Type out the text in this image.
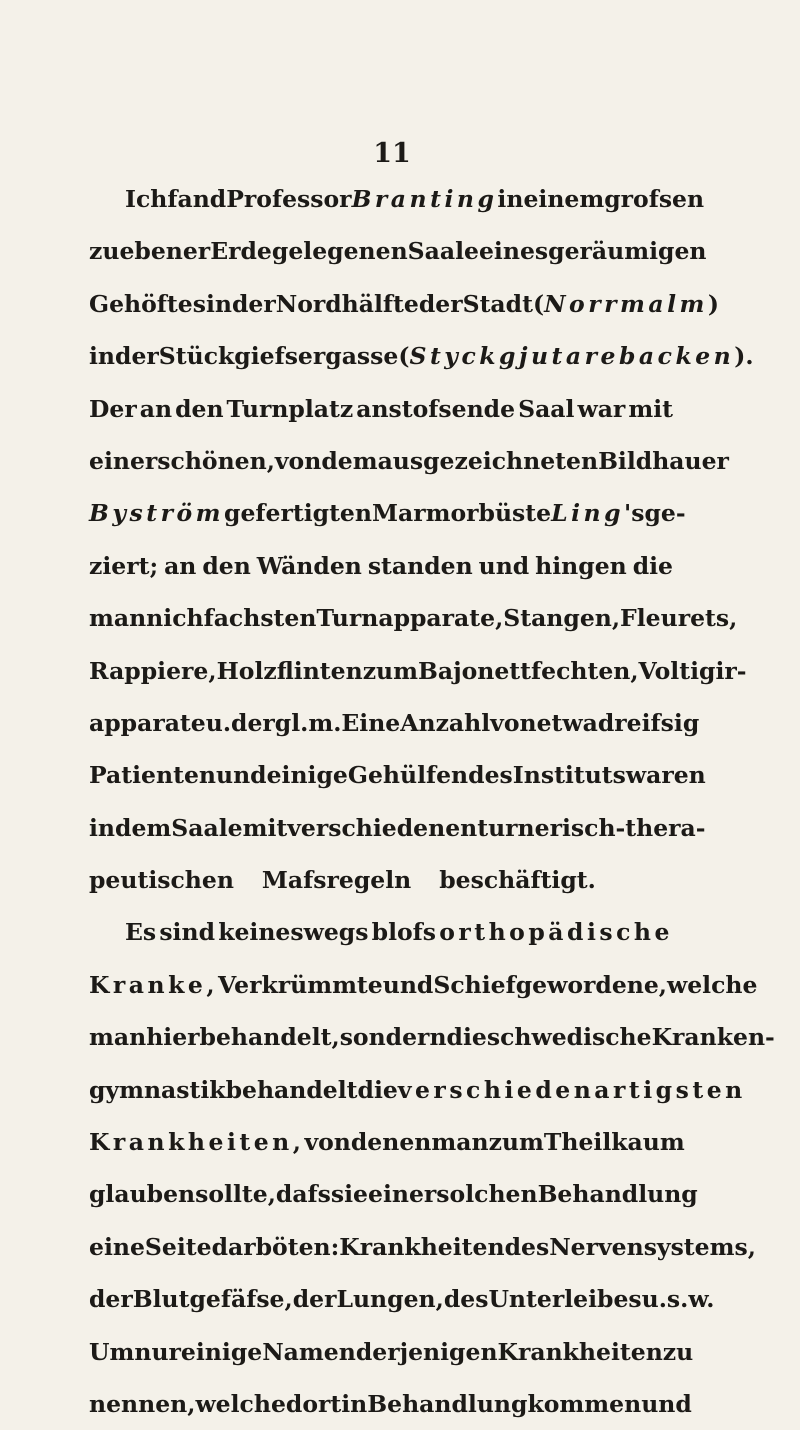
11
Ich fand Professor Branting in einem grofsen
zu ebener Erde gelegenen Saale eines geräumigen
Gehöftes in der Nordhälfte der Stadt (Norrmalm)
in der Stückgiefsergasse (Styckgjutarebacken).
Der an den Turnplatz anstofsende Saal war mit
einer schönen, von dem ausgezeichneten Bildhauer
Byström gefertigten Marmorbüste Ling's ge-
ziert; an den Wänden standen und hingen die
mannichfachsten Turnapparate, Stangen, Fleurets,
Rappiere, Holzflinten zum Bajonettfechten, Voltigir-
apparate u. dergl. m. Eine Anzahl von etwa dreifsig
Patienten und einige Gehülfen des Instituts waren
in dem Saale mit verschiedenen turnerisch-thera-
peutischen	Mafsregeln	beschäftigt.
Es sind keineswegs blofs orthopädische
Kranke, Verkrümmte und Schiefgewordene, welche
man hier behandelt, sondern die schwedische Kranken-
gymnastik behandelt die verschiedenartigsten
Krankheiten, von denen man zum Theil kaum
glauben sollte, dafs sie einer solchen Behandlung
eine Seite darböten: Krankheiten des Nervensystems,
der Blutgefäfse, der Lungen, des Unterleibes u. s. w.
Um nur einige Namen derjenigen Krankheiten zu
nennen, welche dort in Behandlung kommen und
